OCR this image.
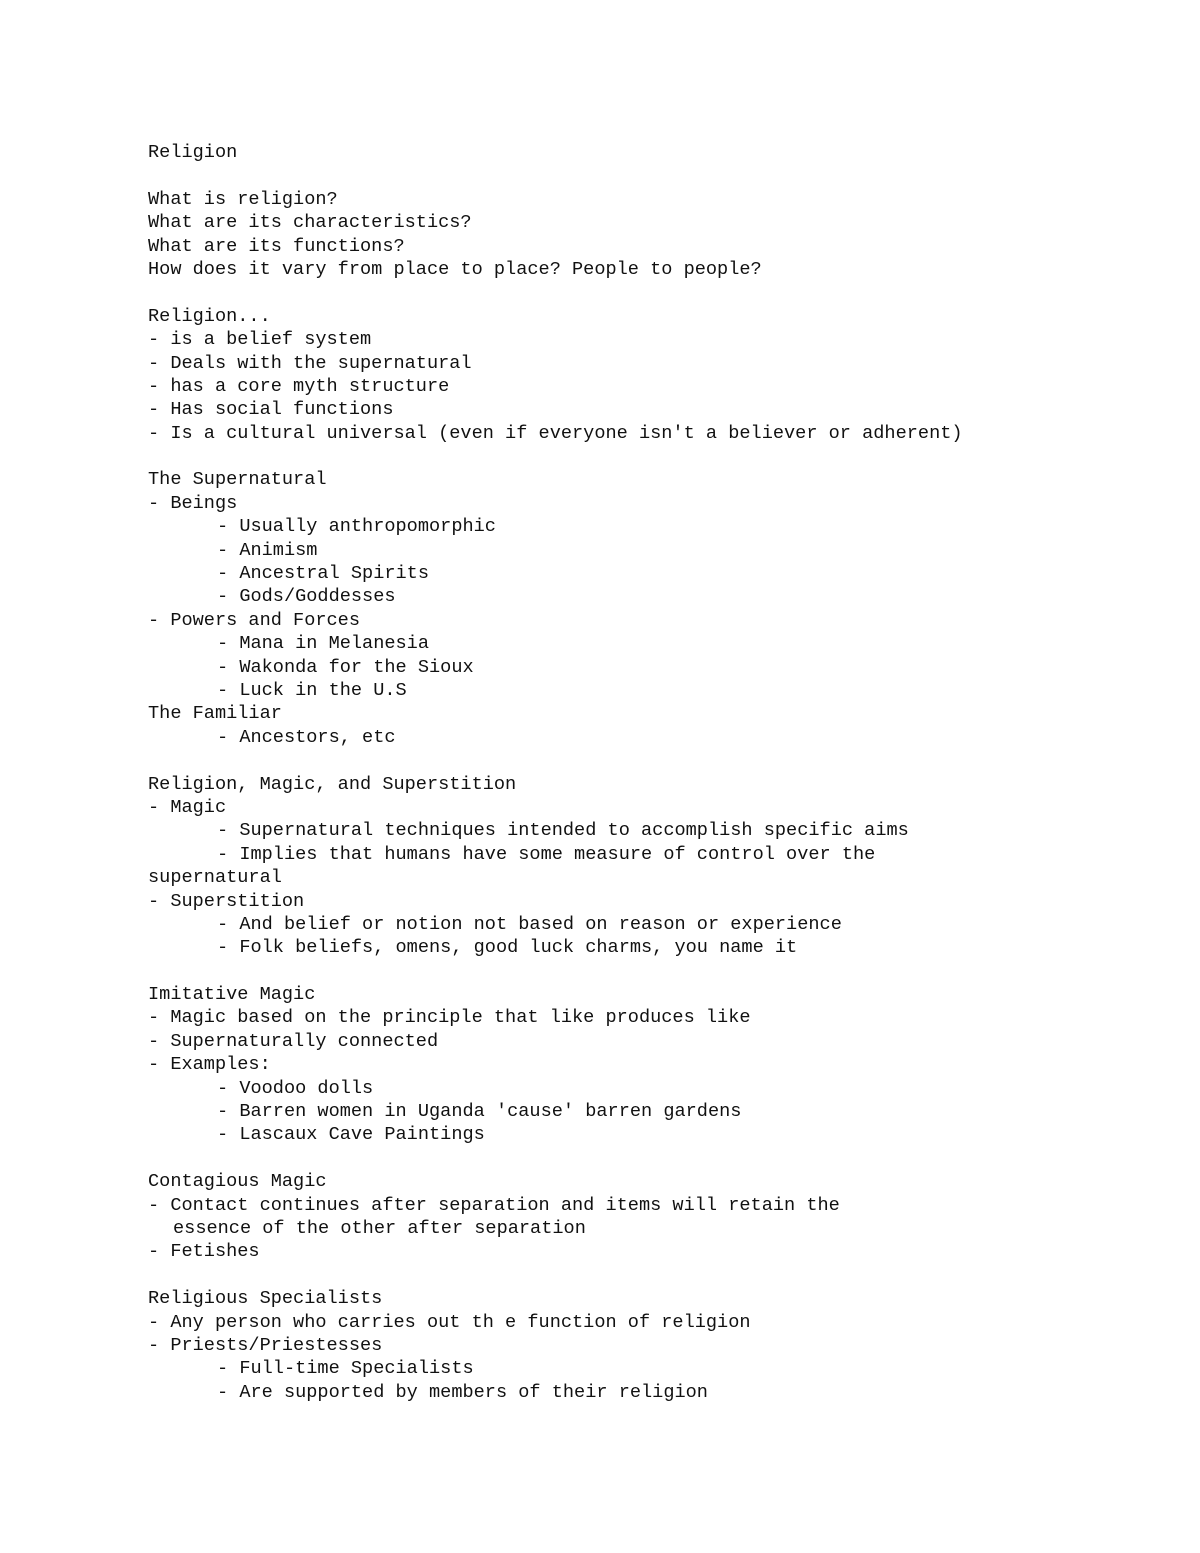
Religion
What is religion?
What are its characteristics?
What are its functions?
How does it vary from place to place? People to people?
Religion...
- is a belief system
- Deals with the supernatural
- has a core myth structure
- Has social functions
- Is a cultural universal (even if everyone isn't a believer or adherent)
The Supernatural
- Beings
- Usually anthropomorphic
- Animism
- Ancestral Spirits
- Gods/Goddesses
- Powers and Forces
- Mana in Melanesia
- Wakonda for the Sioux
- Luck in the U.S
The Familiar
- Ancestors, etc
Religion, Magic, and Superstition
- Magic
- Supernatural techniques intended to accomplish specific aims
- Implies that humans have some measure of control over the
supernatural
- Superstition
- And belief or notion not based on reason or experience
- Folk beliefs, omens, good luck charms, you name it
Imitative Magic
- Magic based on the principle that like produces like
- Supernaturally connected
- Examples:
- Voodoo dolls
- Barren women in Uganda 'cause' barren gardens
- Lascaux Cave Paintings
Contagious Magic
- Contact continues after separation and items will retain the
essence of the other after separation
- Fetishes
Religious Specialists
- Any person who carries out th e function of religion
- Priests/Priestesses
- Full-time Specialists
- Are supported by members of their religion
